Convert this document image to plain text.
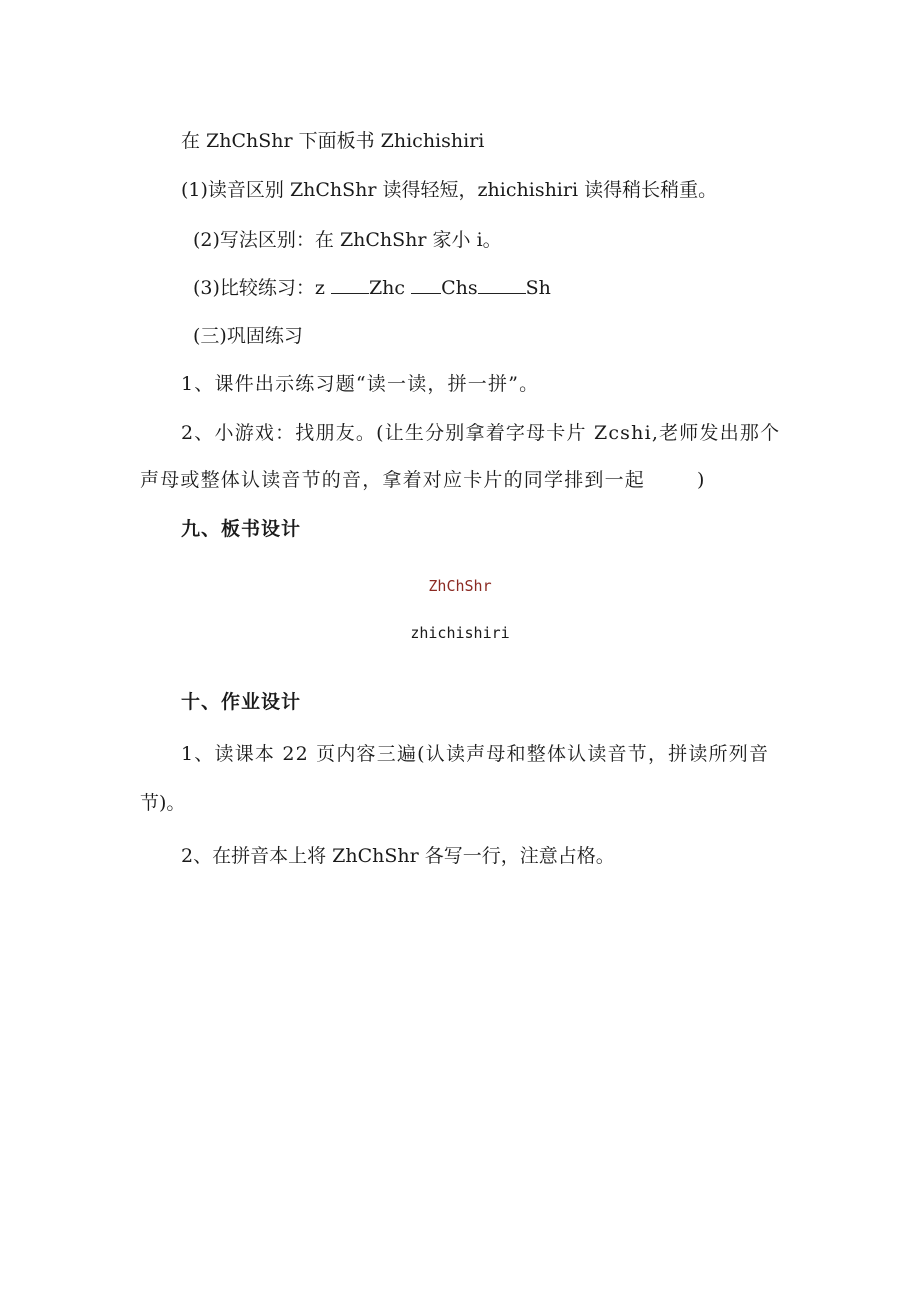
在 ZhChShr 下面板书 Zhichishiri
(1)读音区别 ZhChShr 读得轻短，zhichishiri 读得稍长稍重。
(2)写法区别：在 ZhChShr 家小 i。
(3)比较练习：z Zhc Chs	Sh
(三)巩固练习
1、课件出示练习题“读一读，拼一拼”。
2、小游戏：找朋友。(让生分别拿着字母卡片 Zcshi,老师发出那个
声母或整体认读音节的音，拿着对应卡片的同学排到一起	)
九、板书设计
ZhChShr
zhichishiri
十、作业设计
1、读课本 22 页内容三遍(认读声母和整体认读音节，拼读所列音
节)。
2、在拼音本上将 ZhChShr 各写一行，注意占格。
